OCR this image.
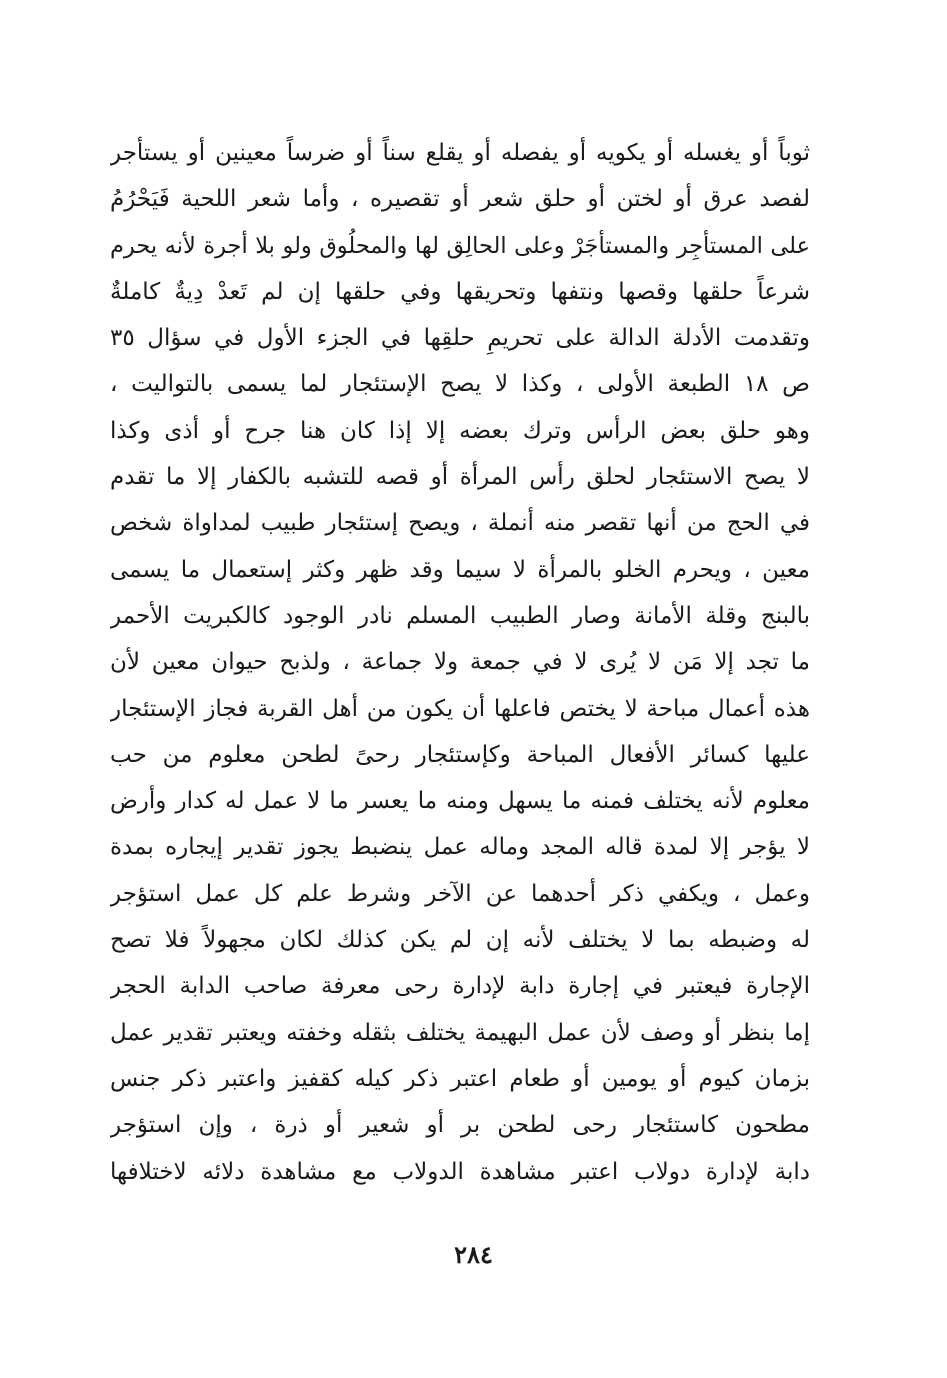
ثوباً أو يغسله أو يكويه أو يفصله أو يقلع سناً أو ضرساً معينين أو يستأجر
لفصد عرق أو لختن أو حلق شعر أو تقصيره ، وأما شعر اللحية فَيَحْرُمُ
على المستأجِر والمستأجَرْ وعلى الحالِق لها والمحلُوق ولو بلا أجرة لأنه يحرم
شرعاً حلقها وقصها ونتفها وتحريقها وفي حلقها إن لم تَعدْ دِيةٌ كاملةٌ
وتقدمت الأدلة الدالة على تحريمِ حلقِها في الجزء الأول في سؤال ٣٥
ص ١٨ الطبعة الأولى ، وكذا لا يصح الإستئجار لما يسمى بالتواليت ،
وهو حلق بعض الرأس وترك بعضه إلا إذا كان هنا جرح أو أذى وكذا
لا يصح الاستئجار لحلق رأس المرأة أو قصه للتشبه بالكفار إلا ما تقدم
في الحج من أنها تقصر منه أنملة ، ويصح إستئجار طبيب لمداواة شخص
معين ، ويحرم الخلو بالمرأة لا سيما وقد ظهر وكثر إستعمال ما يسمى
بالبنج وقلة الأمانة وصار الطبيب المسلم نادر الوجود كالكبريت الأحمر
ما تجد إلا مَن لا يُرى لا في جمعة ولا جماعة ، ولذبح حيوان معين لأن
هذه أعمال مباحة لا يختص فاعلها أن يكون من أهل القربة فجاز الإستئجار
عليها كسائر الأفعال المباحة وكإستئجار رحىً لطحن معلوم من حب
معلوم لأنه يختلف فمنه ما يسهل ومنه ما يعسر ما لا عمل له كدار وأرض
لا يؤجر إلا لمدة قاله المجد وماله عمل ينضبط يجوز تقدير إيجاره بمدة
وعمل ، ويكفي ذكر أحدهما عن الآخر وشرط علم كل عمل استؤجر
له وضبطه بما لا يختلف لأنه إن لم يكن كذلك لكان مجهولاً فلا تصح
الإجارة فيعتبر في إجارة دابة لإدارة رحى معرفة صاحب الدابة الحجر
إما بنظر أو وصف لأن عمل البهيمة يختلف بثقله وخفته ويعتبر تقدير عمل
بزمان كيوم أو يومين أو طعام اعتبر ذكر كيله كقفيز واعتبر ذكر جنس
مطحون كاستئجار رحى لطحن بر أو شعير أو ذرة ، وإن استؤجر
دابة لإدارة دولاب اعتبر مشاهدة الدولاب مع مشاهدة دلائه لاختلافها
٢٨٤
